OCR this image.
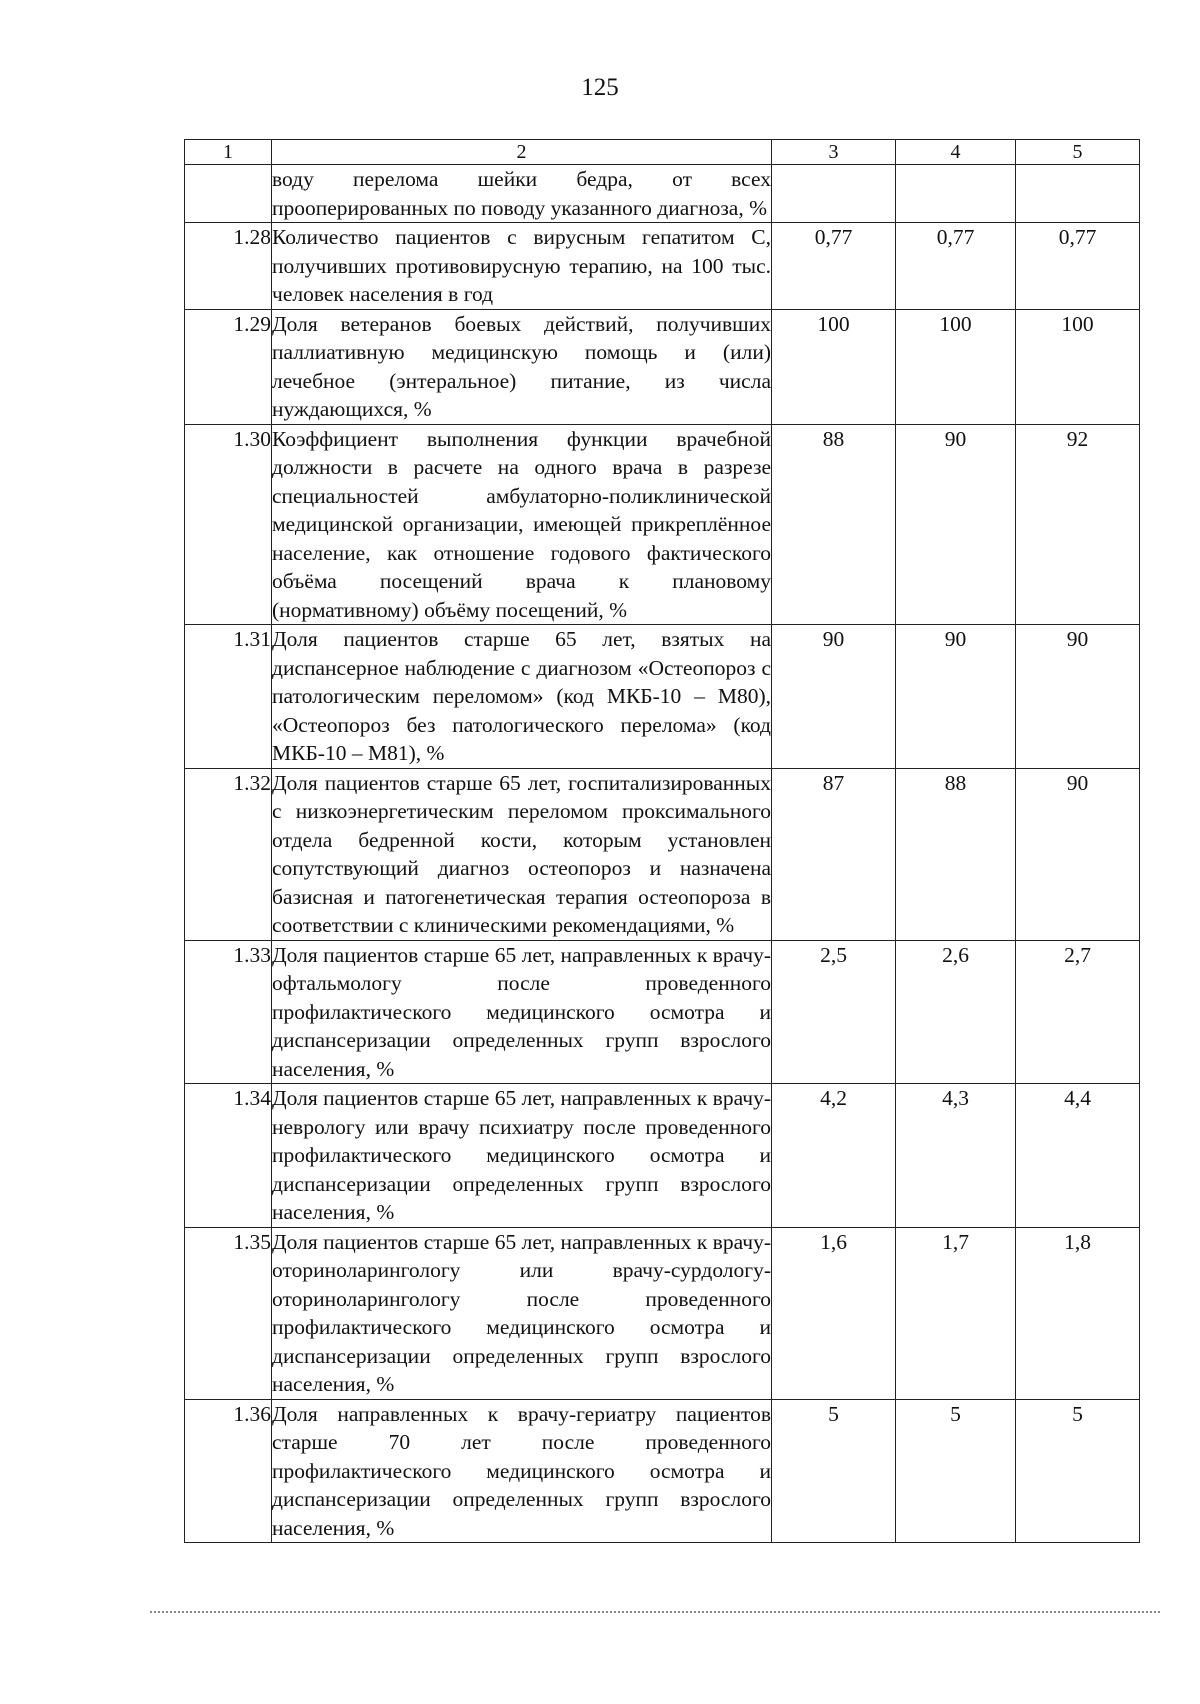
125
1	2	3	4	5
	воду перелома шейки бедра, от всех прооперированных по поводу указанного диагноза, %			
1.28	Количество пациентов с вирусным гепатитом С, получивших противовирусную терапию, на 100 тыс. человек населения в год	0,77	0,77	0,77
1.29	Доля ветеранов боевых действий, получивших паллиативную медицинскую помощь и (или) лечебное (энтеральное) питание, из числа нуждающихся, %	100	100	100
1.30	Коэффициент выполнения функции врачебной должности в расчете на одного врача в разрезе специальностей амбулаторно-поликлинической медицинской организации, имеющей прикреплённое население, как отношение годового фактического объёма посещений врача к плановому (нормативному) объёму посещений, %	88	90	92
1.31	Доля пациентов старше 65 лет, взятых на диспансерное наблюдение с диагнозом «Остеопороз с патологическим переломом» (код МКБ-10 – М80), «Остеопороз без патологического перелома» (код МКБ-10 – М81), %	90	90	90
1.32	Доля пациентов старше 65 лет, госпитализированных с низкоэнергетическим переломом проксимального отдела бедренной кости, которым установлен сопутствующий диагноз остеопороз и назначена базисная и патогенетическая терапия остеопороза в соответствии с клиническими рекомендациями, %	87	88	90
1.33	Доля пациентов старше 65 лет, направленных к врачу-офтальмологу после проведенного профилактического медицинского осмотра и диспансеризации определенных групп взрослого населения, %	2,5	2,6	2,7
1.34	Доля пациентов старше 65 лет, направленных к врачу-неврологу или врачу психиатру после проведенного профилактического медицинского осмотра и диспансеризации определенных групп взрослого населения, %	4,2	4,3	4,4
1.35	Доля пациентов старше 65 лет, направленных к врачу-оториноларингологу или врачу-сурдологу-оториноларингологу после проведенного профилактического медицинского осмотра и диспансеризации определенных групп взрослого населения, %	1,6	1,7	1,8
1.36	Доля направленных к врачу-гериатру пациентов старше 70 лет после проведенного профилактического медицинского осмотра и диспансеризации определенных групп взрослого населения, %	5	5	5
